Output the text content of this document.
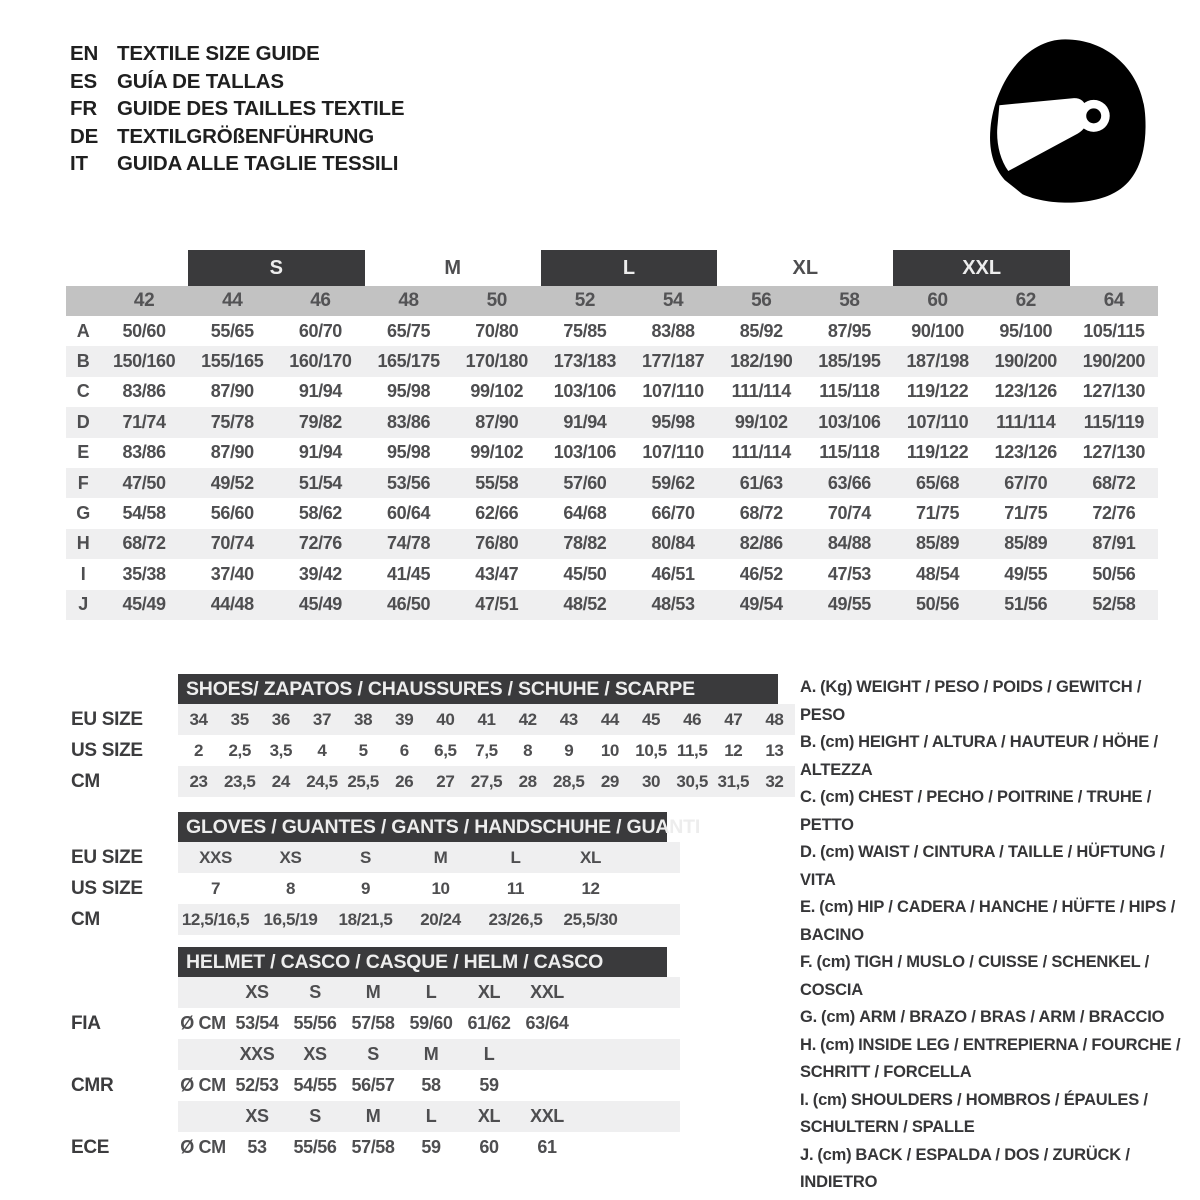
EN TEXTILE SIZE GUIDE
ES GUÍA DE TALLAS
FR GUIDE DES TAILLES TEXTILE
DE TEXTILGRÖßENFÜHRUNG
IT	GUIDA ALLE TAGLIE TESSILI
S	M	L	XL	XXL
42	44	46	48	50	52	54	56	58	60	62	64
A	50/60	55/65	60/70	65/75	70/80	75/85	83/88	85/92	87/95	90/100	95/100	105/115
B	150/160	155/165	160/170	165/175	170/180	173/183	177/187	182/190	185/195	187/198	190/200	190/200
C	83/86	87/90	91/94	95/98	99/102	103/106	107/110	111/114	115/118	119/122	123/126	127/130
D	71/74	75/78	79/82	83/86	87/90	91/94	95/98	99/102	103/106	107/110	111/114	115/119
E	83/86	87/90	91/94	95/98	99/102	103/106	107/110	111/114	115/118	119/122	123/126	127/130
F	47/50	49/52	51/54	53/56	55/58	57/60	59/62	61/63	63/66	65/68	67/70	68/72
G	54/58	56/60	58/62	60/64	62/66	64/68	66/70	68/72	70/74	71/75	71/75	72/76
H	68/72	70/74	72/76	74/78	76/80	78/82	80/84	82/86	84/88	85/89	85/89	87/91
I	35/38	37/40	39/42	41/45	43/47	45/50	46/51	46/52	47/53	48/54	49/55	50/56
J	45/49	44/48	45/49	46/50	47/51	48/52	48/53	49/54	49/55	50/56	51/56	52/58
SHOES/ ZAPATOS / CHAUSSURES / SCHUHE / SCARPE
EU SIZE	34	35	36	37	38	39	40	41	42	43	44	45	46	47	48
US SIZE	2	2,5	3,5	4	5	6	6,5	7,5	8	9	10 10,5 11,5 12	13
CM	23 23,5 24 24,5 25,5 26	27 27,5 28 28,5 29	30 30,5 31,5 32
GLOVES / GUANTES / GANTS / HANDSCHUHE / GUANTI
EU SIZE	XXS	XS	S	M	L	XL
US SIZE	7	8	9	10	11	12
CM	12,5/16,5 16,5/19	18/21,5	20/24	23/26,5	25,5/30
HELMET / CASCO / CASQUE / HELM / CASCO
XS	S	M	L	XL	XXL
FIA	Ø CM 53/54 55/56 57/58 59/60 61/62 63/64
XXS	XS	S	M	L
CMR	Ø CM 52/53 54/55 56/57	58	59
XS	S	M	L	XL	XXL
ECE	Ø CM	53	55/56 57/58	59	60	61
A. (Kg) WEIGHT / PESO / POIDS / GEWITCH / PESO
B. (cm) HEIGHT / ALTURA / HAUTEUR / HÖHE / ALTEZZA
C. (cm) CHEST / PECHO / POITRINE / TRUHE / PETTO
D. (cm) WAIST / CINTURA / TAILLE / HÜFTUNG / VITA
E. (cm) HIP / CADERA / HANCHE / HÜFTE / HIPS / BACINO
F. (cm) TIGH / MUSLO / CUISSE / SCHENKEL / COSCIA
G. (cm) ARM / BRAZO / BRAS / ARM / BRACCIO
H. (cm) INSIDE LEG / ENTREPIERNA / FOURCHE / SCHRITT / FORCELLA
I. (cm) SHOULDERS / HOMBROS / ÉPAULES / SCHULTERN / SPALLE
J. (cm) BACK / ESPALDA / DOS / ZURÜCK / INDIETRO
